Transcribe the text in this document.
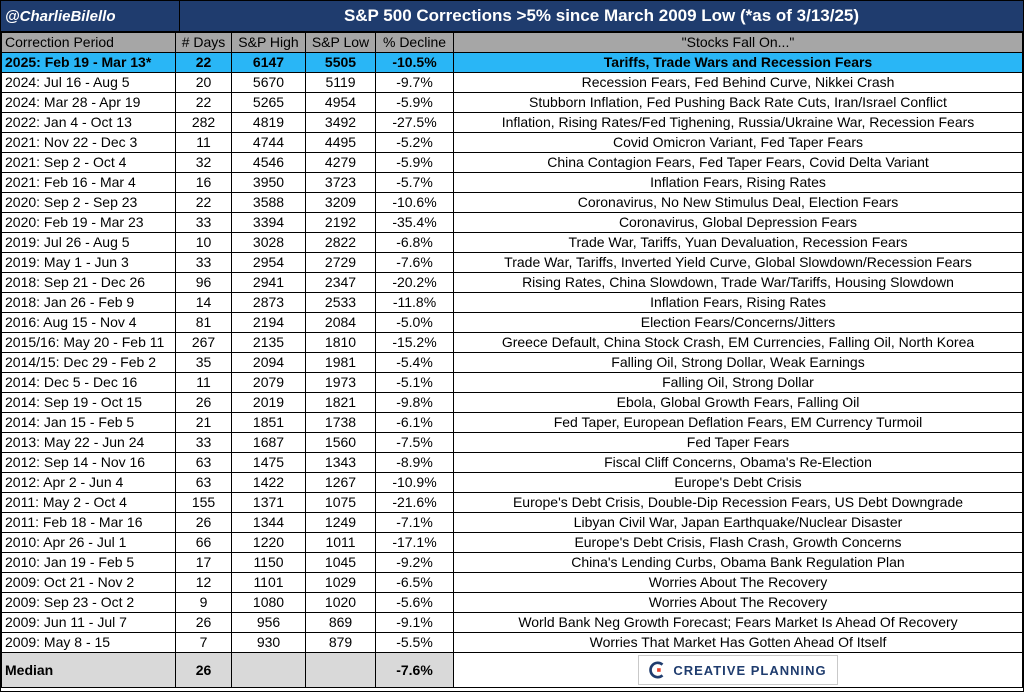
@CharlieBilello	S&P 500 Corrections >5% since March 2009 Low (*as of 3/13/25)
Correction Period	# Days	S&P High	S&P Low	% Decline	"Stocks Fall On..."
2025: Feb 19 - Mar 13*	22	6147	5505	-10.5%	Tariffs, Trade Wars and Recession Fears
2024: Jul 16 - Aug 5	20	5670	5119	-9.7%	Recession Fears, Fed Behind Curve, Nikkei Crash
2024: Mar 28 - Apr 19	22	5265	4954	-5.9%	Stubborn Inflation, Fed Pushing Back Rate Cuts, Iran/Israel Conflict
2022: Jan 4 - Oct 13	282	4819	3492	-27.5%	Inflation, Rising Rates/Fed Tighening, Russia/Ukraine War, Recession Fears
2021: Nov 22 - Dec 3	11	4744	4495	-5.2%	Covid Omicron Variant, Fed Taper Fears
2021: Sep 2 - Oct 4	32	4546	4279	-5.9%	China Contagion Fears, Fed Taper Fears, Covid Delta Variant
2021: Feb 16 - Mar 4	16	3950	3723	-5.7%	Inflation Fears, Rising Rates
2020: Sep 2 - Sep 23	22	3588	3209	-10.6%	Coronavirus, No New Stimulus Deal, Election Fears
2020: Feb 19 - Mar 23	33	3394	2192	-35.4%	Coronavirus, Global Depression Fears
2019: Jul 26 - Aug 5	10	3028	2822	-6.8%	Trade War, Tariffs, Yuan Devaluation, Recession Fears
2019: May 1 - Jun 3	33	2954	2729	-7.6%	Trade War, Tariffs, Inverted Yield Curve, Global Slowdown/Recession Fears
2018: Sep 21 - Dec 26	96	2941	2347	-20.2%	Rising Rates, China Slowdown, Trade War/Tariffs, Housing Slowdown
2018: Jan 26 - Feb 9	14	2873	2533	-11.8%	Inflation Fears, Rising Rates
2016: Aug 15 - Nov 4	81	2194	2084	-5.0%	Election Fears/Concerns/Jitters
2015/16: May 20 - Feb 11	267	2135	1810	-15.2%	Greece Default, China Stock Crash, EM Currencies, Falling Oil, North Korea
2014/15: Dec 29 - Feb 2	35	2094	1981	-5.4%	Falling Oil, Strong Dollar, Weak Earnings
2014: Dec 5 - Dec 16	11	2079	1973	-5.1%	Falling Oil, Strong Dollar
2014: Sep 19 - Oct 15	26	2019	1821	-9.8%	Ebola, Global Growth Fears, Falling Oil
2014: Jan 15 - Feb 5	21	1851	1738	-6.1%	Fed Taper, European Deflation Fears, EM Currency Turmoil
2013: May 22 - Jun 24	33	1687	1560	-7.5%	Fed Taper Fears
2012: Sep 14 - Nov 16	63	1475	1343	-8.9%	Fiscal Cliff Concerns, Obama's Re-Election
2012: Apr 2 - Jun 4	63	1422	1267	-10.9%	Europe's Debt Crisis
2011: May 2 - Oct 4	155	1371	1075	-21.6%	Europe's Debt Crisis, Double-Dip Recession Fears, US Debt Downgrade
2011: Feb 18 - Mar 16	26	1344	1249	-7.1%	Libyan Civil War, Japan Earthquake/Nuclear Disaster
2010: Apr 26 - Jul 1	66	1220	1011	-17.1%	Europe's Debt Crisis, Flash Crash, Growth Concerns
2010: Jan 19 - Feb 5	17	1150	1045	-9.2%	China's Lending Curbs, Obama Bank Regulation Plan
2009: Oct 21 - Nov 2	12	1101	1029	-6.5%	Worries About The Recovery
2009: Sep 23 - Oct 2	9	1080	1020	-5.6%	Worries About The Recovery
2009: Jun 11 - Jul 7	26	956	869	-9.1%	World Bank Neg Growth Forecast; Fears Market Is Ahead Of Recovery
2009: May 8 - 15	7	930	879	-5.5%	Worries That Market Has Gotten Ahead Of Itself
Median	26			-7.6%	CREATIVE PLANNING
